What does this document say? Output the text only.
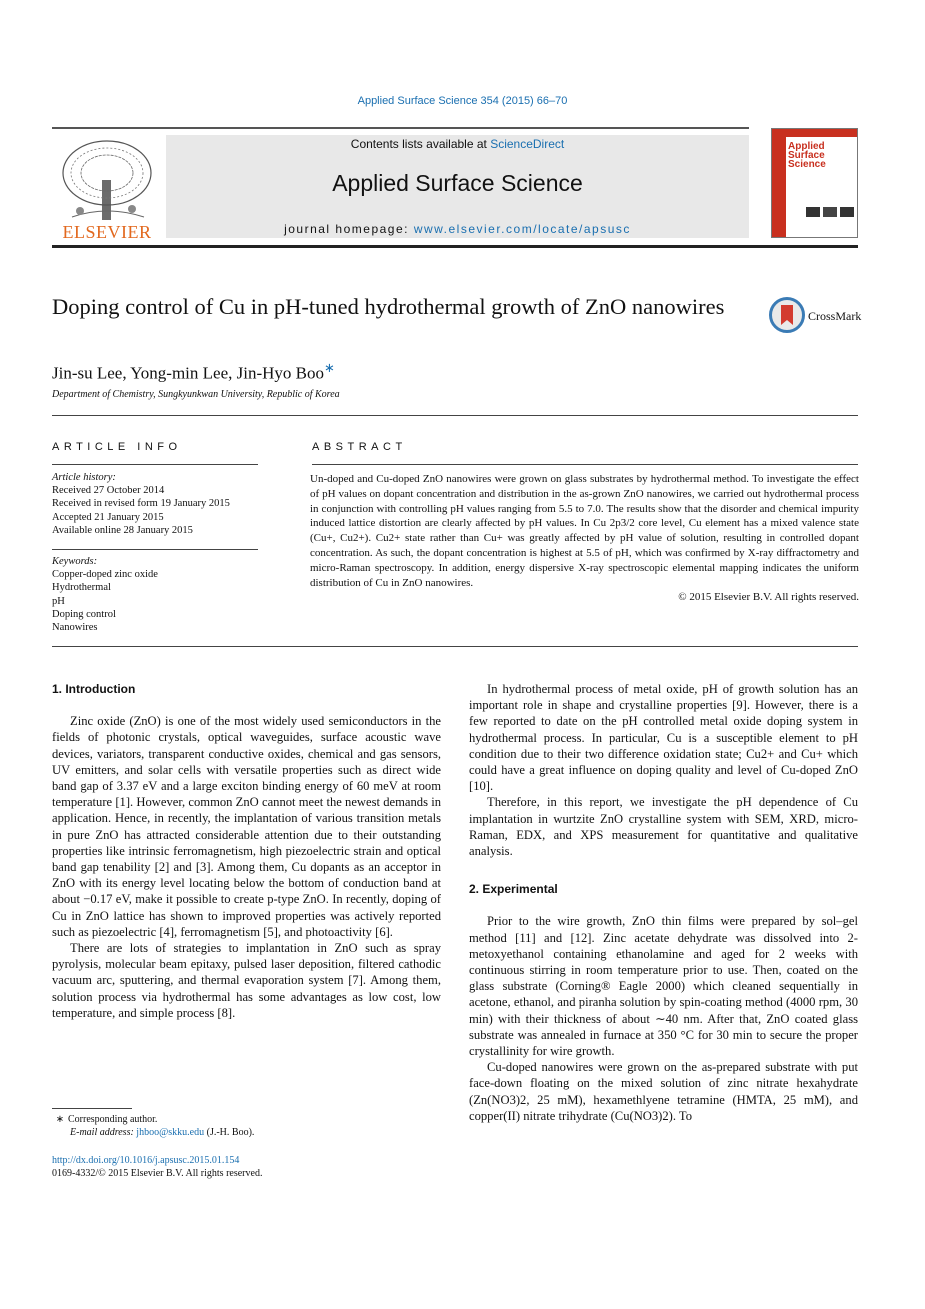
Applied Surface Science 354 (2015) 66–70
ELSEVIER
Contents lists available at ScienceDirect
Applied Surface Science
journal homepage: www.elsevier.com/locate/apsusc
Applied Surface Science
Doping control of Cu in pH-tuned hydrothermal growth of ZnO nanowires	CrossMark
Jin-su Lee, Yong-min Lee, Jin-Hyo Boo∗
Department of Chemistry, Sungkyunkwan University, Republic of Korea
ARTICLE INFO	ABSTRACT
Article history:
Received 27 October 2014
Received in revised form 19 January 2015
Accepted 21 January 2015
Available online 28 January 2015
Keywords:
Copper-doped zinc oxide
Hydrothermal
pH
Doping control
Nanowires
Un-doped and Cu-doped ZnO nanowires were grown on glass substrates by hydrothermal method. To investigate the effect of pH values on dopant concentration and distribution in the as-grown ZnO nanowires, we carried out hydrothermal process in conjunction with controlling pH values ranging from 5.5 to 7.0. The results show that the disorder and chemical impurity induced lattice distortion are clearly affected by pH values. In Cu 2p3/2 core level, Cu element has a mixed valence state (Cu+, Cu2+). Cu2+ state rather than Cu+ was greatly affected by pH value of solution, resulting in controlled dopant concentration. As such, the dopant concentration is highest at 5.5 of pH, which was confirmed by X-ray diffractometry and micro-Raman spectroscopy. In addition, energy dispersive X-ray spectroscopic elemental mapping indicates the uniform distribution of Cu in ZnO nanowires.
© 2015 Elsevier B.V. All rights reserved.
1. Introduction

Zinc oxide (ZnO) is one of the most widely used semiconductors in the fields of photonic crystals, optical waveguides, surface acoustic wave devices, variators, transparent conductive oxides, chemical and gas sensors, UV emitters, and solar cells with versatile properties such as direct wide band gap of 3.37 eV and a large exciton binding energy of 60 meV at room temperature [1]. However, common ZnO cannot meet the newest demands in application. Hence, in recently, the implantation of various transition metals in pure ZnO has attracted considerable attention due to their outstanding properties like intrinsic ferromagnetism, high piezoelectric strain and optical band gap tenability [2] and [3]. Among them, Cu dopants as an acceptor in ZnO with its energy level locating below the bottom of conduction band at about −0.17 eV, make it possible to create p-type ZnO. In recently, doping of Cu in ZnO lattice has shown to improved properties was actively reported such as piezoelectric [4], ferromagnetism [5], and photoactivity [6].

There are lots of strategies to implantation in ZnO such as spray pyrolysis, molecular beam epitaxy, pulsed laser deposition, filtered cathodic vacuum arc, sputtering, and thermal evaporation system [7]. Among them, solution process via hydrothermal has some advantages as low cost, low temperature, and simple process [8].

In hydrothermal process of metal oxide, pH of growth solution has an important role in shape and crystalline properties [9]. However, there is a few reported to date on the pH controlled metal oxide doping system in hydrothermal process. In particular, Cu is a susceptible element to pH condition due to their two difference oxidation state; Cu2+ and Cu+ which could have a great influence on doping quality and level of Cu-doped ZnO [10].

Therefore, in this report, we investigate the pH dependence of Cu implantation in wurtzite ZnO crystalline system with SEM, XRD, micro-Raman, EDX, and XPS measurement for quantitative and qualitative analysis.

2. Experimental

Prior to the wire growth, ZnO thin films were prepared by sol–gel method [11] and [12]. Zinc acetate dehydrate was dissolved into 2-metoxyethanol containing ethanolamine and aged for 2 weeks with continuous stirring in room temperature prior to use. Then, coated on the glass substrate (Corning® Eagle 2000) which cleaned sequentially in acetone, ethanol, and piranha solution by spin-coating method (4000 rpm, 30 min) with their thickness of about ∼40 nm. After that, ZnO coated glass substrate was annealed in furnace at 350 °C for 30 min to secure the proper crystallinity for wire growth.

Cu-doped nanowires were grown on the as-prepared substrate with put face-down floating on the mixed solution of zinc nitrate hexahydrate (Zn(NO3)2, 25 mM), hexamethlyene tetramine (HMTA, 25 mM), and copper(II) nitrate trihydrate (Cu(NO3)2). To

∗ Corresponding author.
E-mail address: jhboo@skku.edu (J.-H. Boo).
http://dx.doi.org/10.1016/j.apsusc.2015.01.154
0169-4332/© 2015 Elsevier B.V. All rights reserved.
